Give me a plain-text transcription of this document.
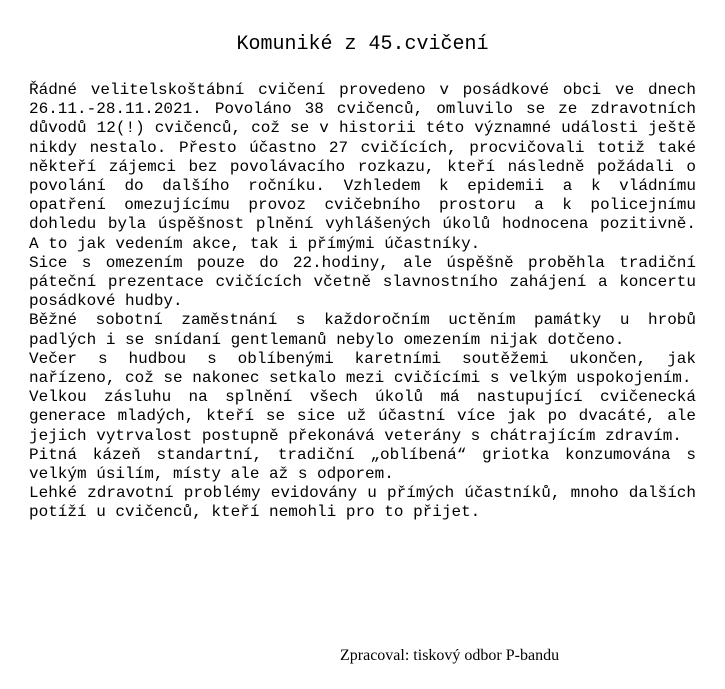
Komuniké z 45.cvičení

Řádné velitelskoštábní cvičení provedeno v posádkové obci ve dnech 26.11.-28.11.2021. Povoláno 38 cvičenců, omluvilo se ze zdravotních důvodů 12(!) cvičenců, což se v historii této významné události ještě nikdy nestalo. Přesto účastno 27 cvičících, procvičovali totiž také někteří zájemci bez povolávacího rozkazu, kteří následně požádali o povolání do dalšího ročníku. Vzhledem k epidemii a k vládnímu opatření omezujícímu provoz cvičebního prostoru a k policejnímu dohledu byla úspěšnost plnění vyhlášených úkolů hodnocena pozitivně. A to jak vedením akce, tak i přímými účastníky.

Sice s omezením pouze do 22.hodiny, ale úspěšně proběhla tradiční páteční prezentace cvičících včetně slavnostního zahájení a koncertu posádkové hudby.

Běžné sobotní zaměstnání s každoročním uctěním památky u hrobů padlých i se snídaní gentlemanů nebylo omezením nijak dotčeno.

Večer s hudbou s oblíbenými karetními soutěžemi ukončen, jak nařízeno, což se nakonec setkalo mezi cvičícími s velkým uspokojením.

Velkou zásluhu na splnění všech úkolů má nastupující cvičenecká generace mladých, kteří se sice už účastní více jak po dvacáté, ale jejich vytrvalost postupně překonává veterány s chátrajícím zdravím.

Pitná kázeň standartní, tradiční „oblíbená“ griotka konzumována s velkým úsilím, místy ale až s odporem.

Lehké zdravotní problémy evidovány u přímých účastníků, mnoho dalších potíží u cvičenců, kteří nemohli pro to přijet.

Zpracoval: tiskový odbor P-bandu
